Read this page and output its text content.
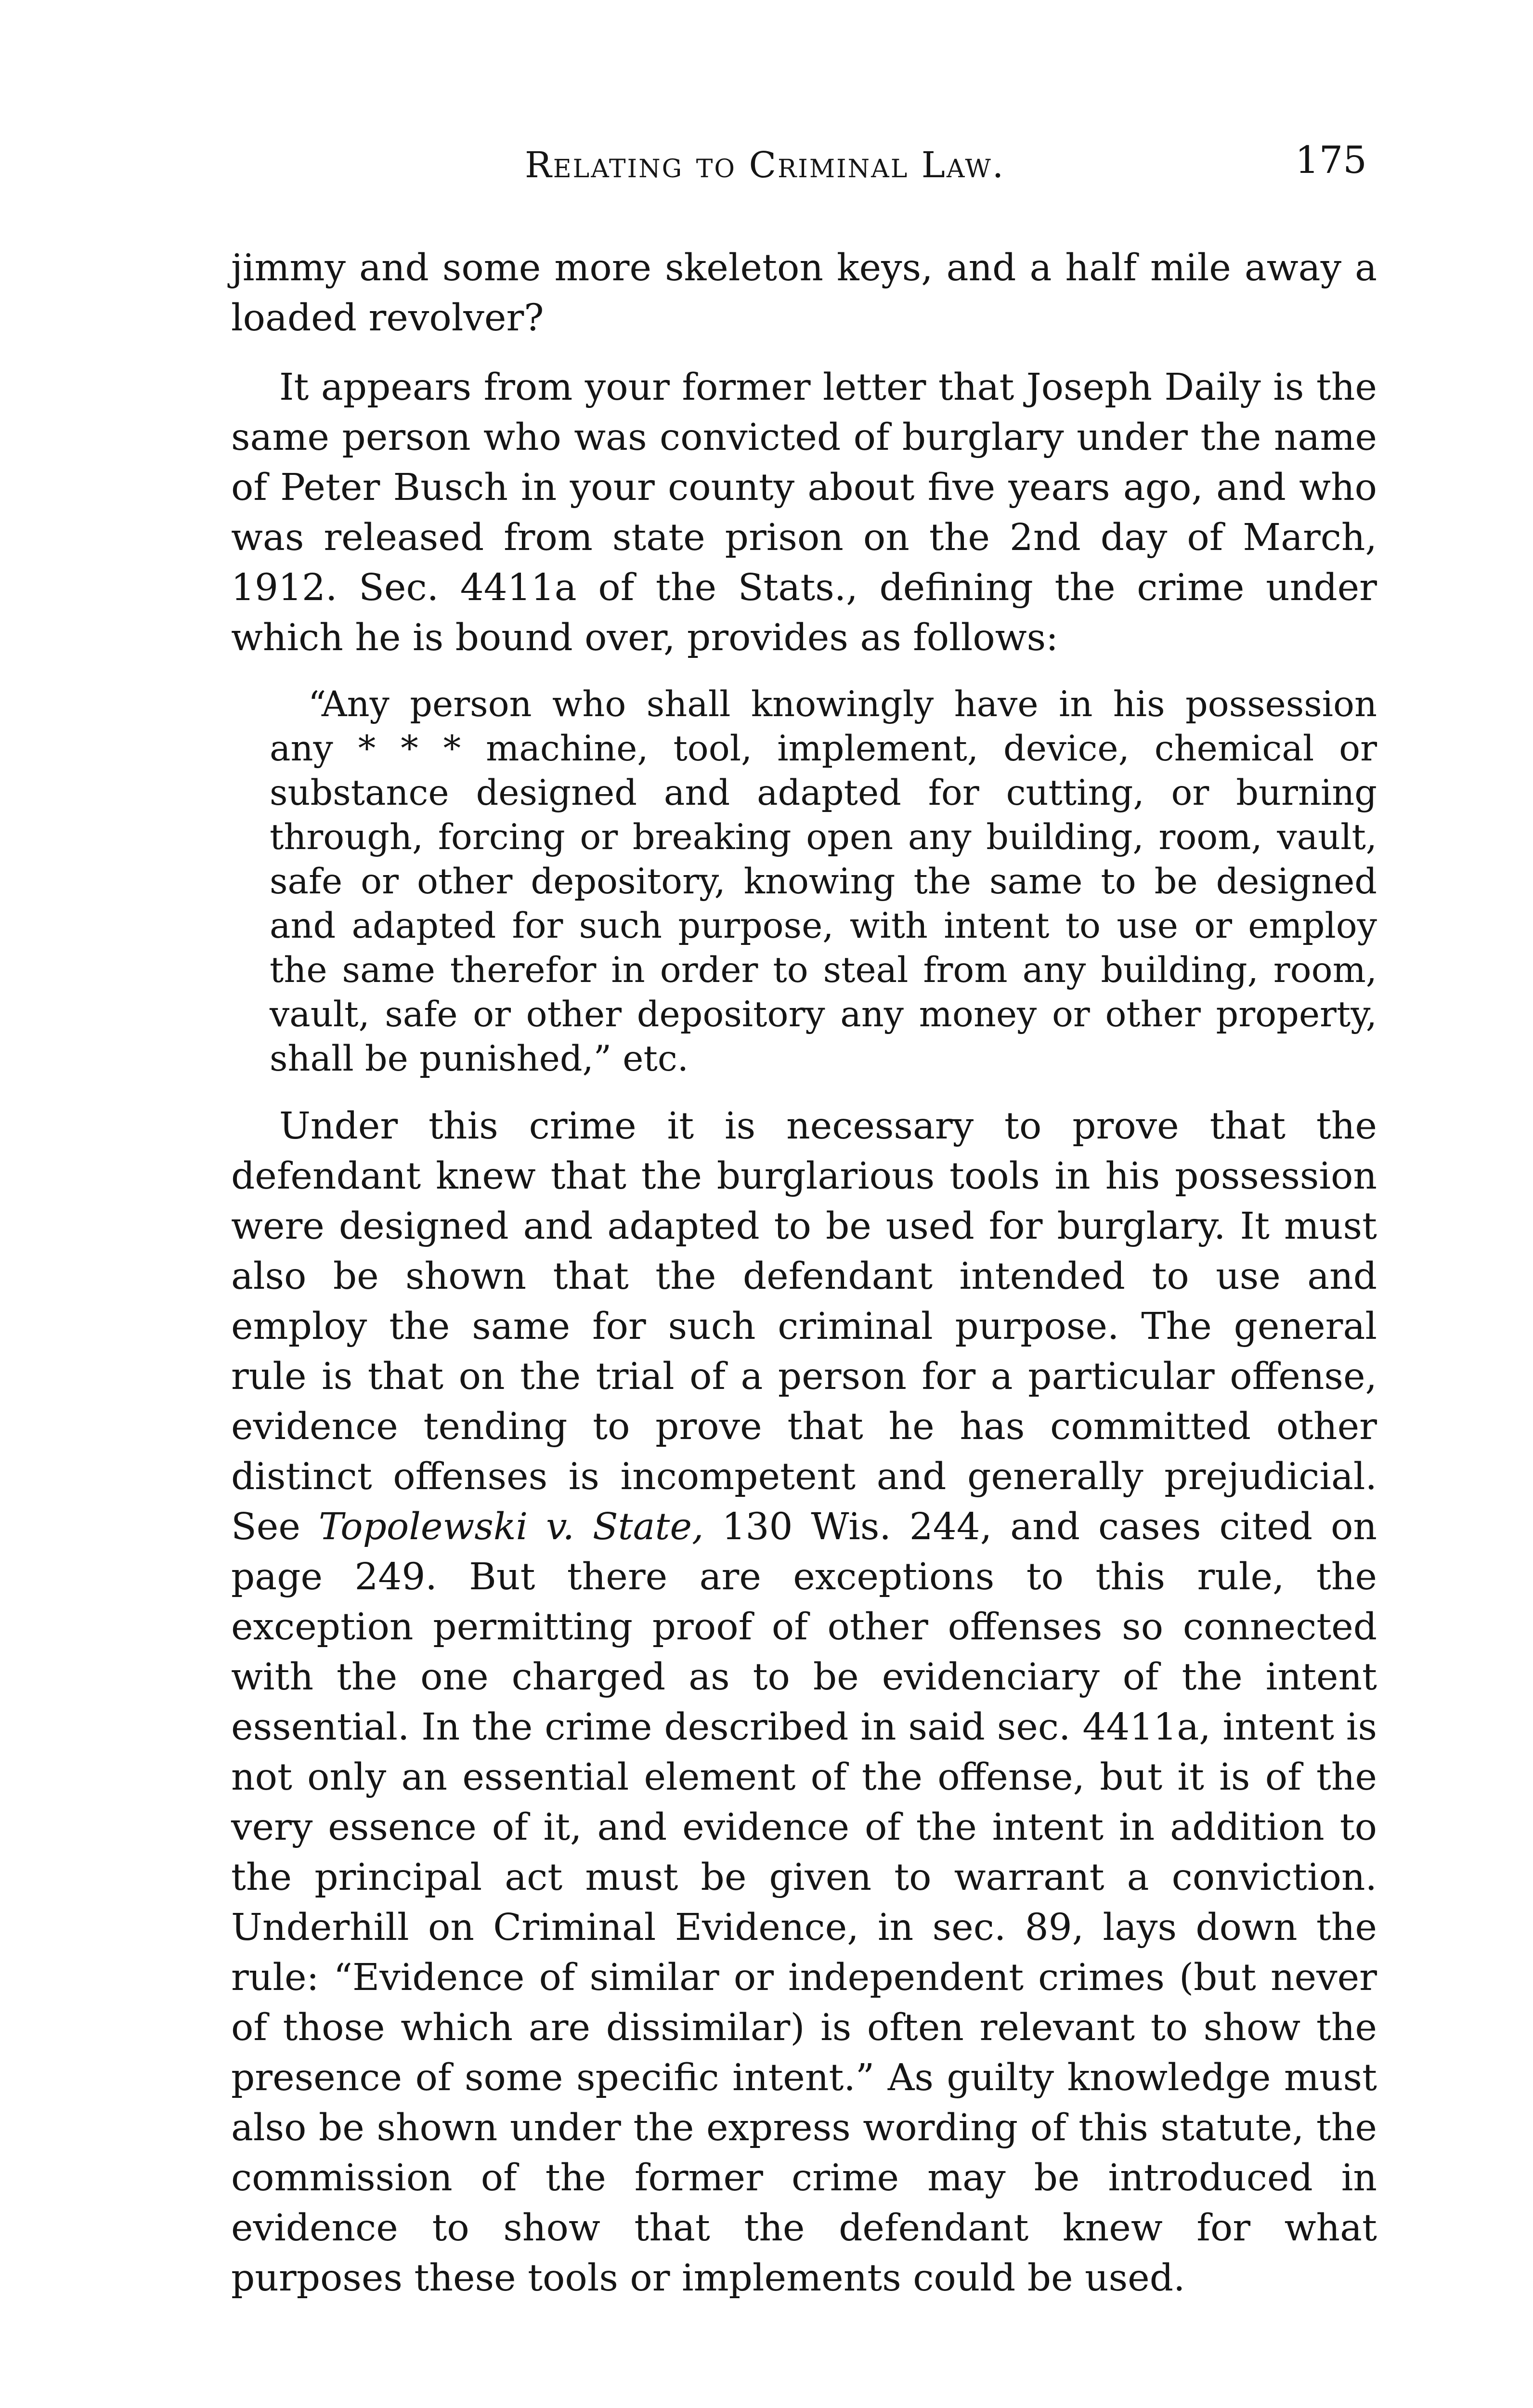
Relating to Criminal Law.	175

jimmy and some more skeleton keys, and a half mile away a loaded revolver?

It appears from your former letter that Joseph Daily is the same person who was convicted of burglary under the name of Peter Busch in your county about five years ago, and who was released from state prison on the 2nd day of March, 1912. Sec. 4411a of the Stats., defining the crime under which he is bound over, provides as follows:

“Any person who shall knowingly have in his possession any * * * machine, tool, implement, device, chemical or substance designed and adapted for cutting, or burning through, forcing or breaking open any building, room, vault, safe or other depository, knowing the same to be designed and adapted for such purpose, with intent to use or employ the same therefor in order to steal from any building, room, vault, safe or other depository any money or other property, shall be punished,” etc.

Under this crime it is necessary to prove that the defendant knew that the burglarious tools in his possession were designed and adapted to be used for burglary. It must also be shown that the defendant intended to use and employ the same for such criminal purpose. The general rule is that on the trial of a person for a particular offense, evidence tending to prove that he has committed other distinct offenses is incompetent and generally prejudicial. See Topolewski v. State, 130 Wis. 244, and cases cited on page 249. But there are exceptions to this rule, the exception permitting proof of other offenses so connected with the one charged as to be evidenciary of the intent essential. In the crime described in said sec. 4411a, intent is not only an essential element of the offense, but it is of the very essence of it, and evidence of the intent in addition to the principal act must be given to warrant a conviction. Underhill on Criminal Evidence, in sec. 89, lays down the rule: “Evidence of similar or independent crimes (but never of those which are dissimilar) is often relevant to show the presence of some specific intent.” As guilty knowledge must also be shown under the express wording of this statute, the commission of the former crime may be introduced in evidence to show that the defendant knew for what purposes these tools or implements could be used.
